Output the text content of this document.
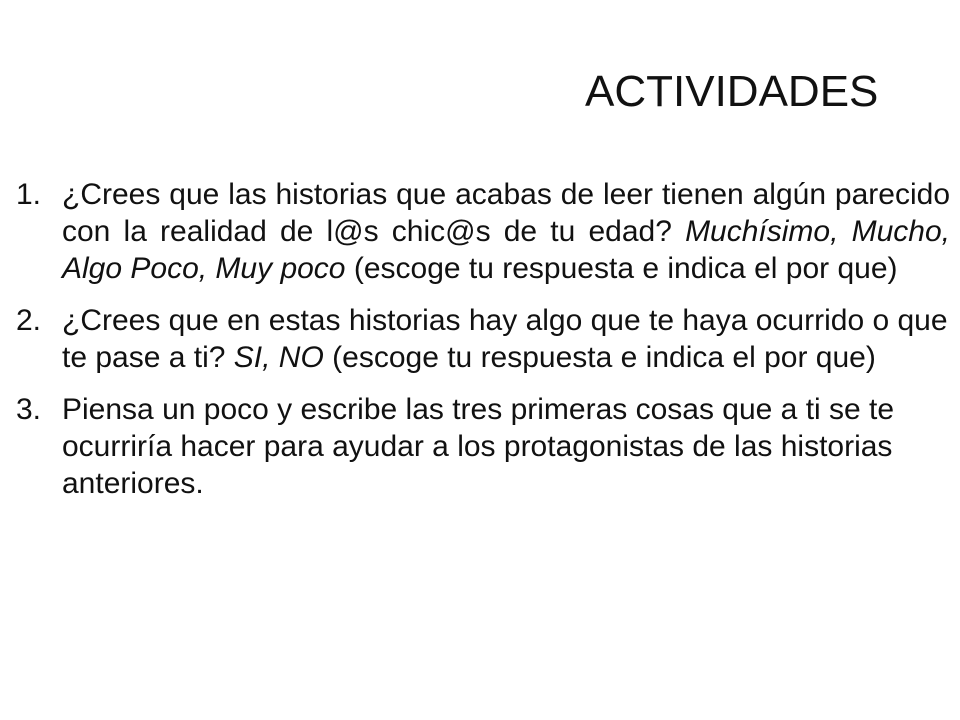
ACTIVIDADES
1. ¿Crees que las historias que acabas de leer tienen algún parecido con la realidad de l@s chic@s de tu edad? Muchísimo, Mucho, Algo Poco, Muy poco (escoge tu respuesta e indica el por que)
2. ¿Crees que en estas historias hay algo que te haya ocurrido o que te pase a ti? SI, NO (escoge tu respuesta e indica el por que)
3. Piensa un poco y escribe las tres primeras cosas que a ti se te ocurriría hacer para ayudar a los protagonistas de las historias anteriores.
